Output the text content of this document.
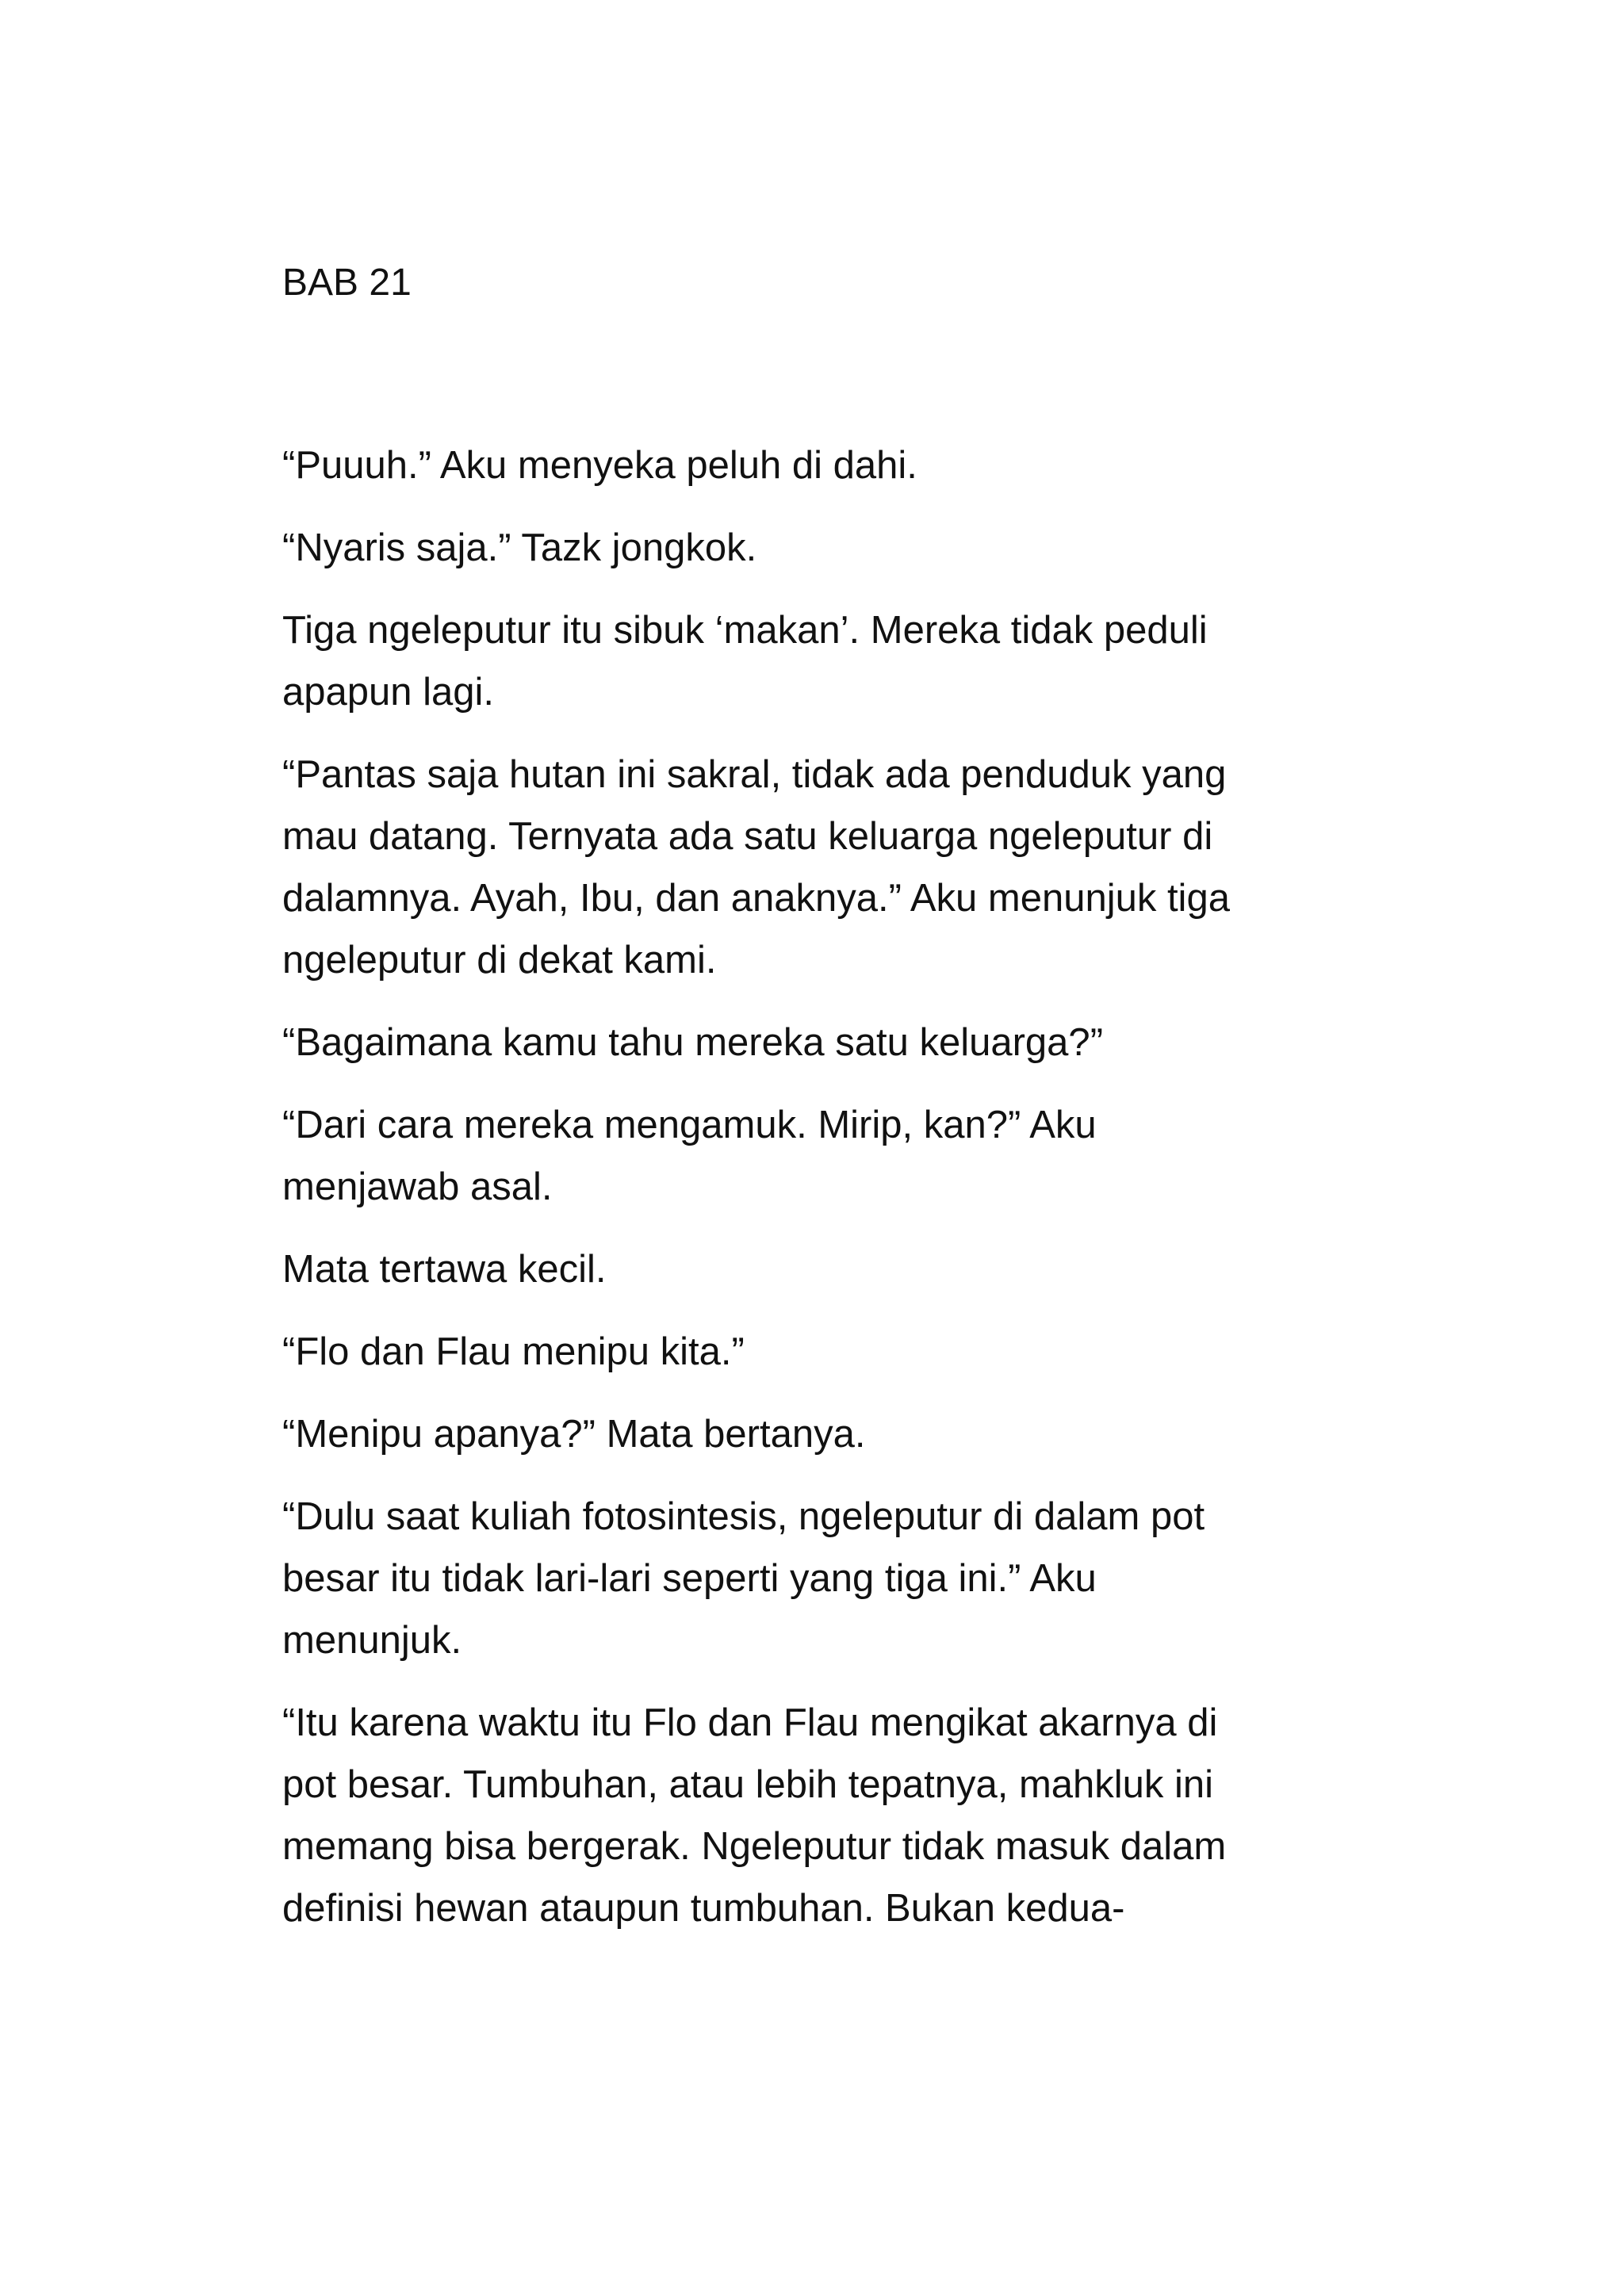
BAB 21

“Puuuh.” Aku menyeka peluh di dahi.

“Nyaris saja.” Tazk jongkok.

Tiga ngeleputur itu sibuk ‘makan’. Mereka tidak peduli
apapun lagi.

“Pantas saja hutan ini sakral, tidak ada penduduk yang
mau datang. Ternyata ada satu keluarga ngeleputur di
dalamnya. Ayah, Ibu, dan anaknya.” Aku menunjuk tiga
ngeleputur di dekat kami.

“Bagaimana kamu tahu mereka satu keluarga?”

“Dari cara mereka mengamuk. Mirip, kan?” Aku
menjawab asal.

Mata tertawa kecil.

“Flo dan Flau menipu kita.”

“Menipu apanya?” Mata bertanya.

“Dulu saat kuliah fotosintesis, ngeleputur di dalam pot
besar itu tidak lari-lari seperti yang tiga ini.” Aku
menunjuk.

“Itu karena waktu itu Flo dan Flau mengikat akarnya di
pot besar. Tumbuhan, atau lebih tepatnya, mahkluk ini
memang bisa bergerak. Ngeleputur tidak masuk dalam
definisi hewan ataupun tumbuhan. Bukan kedua-
